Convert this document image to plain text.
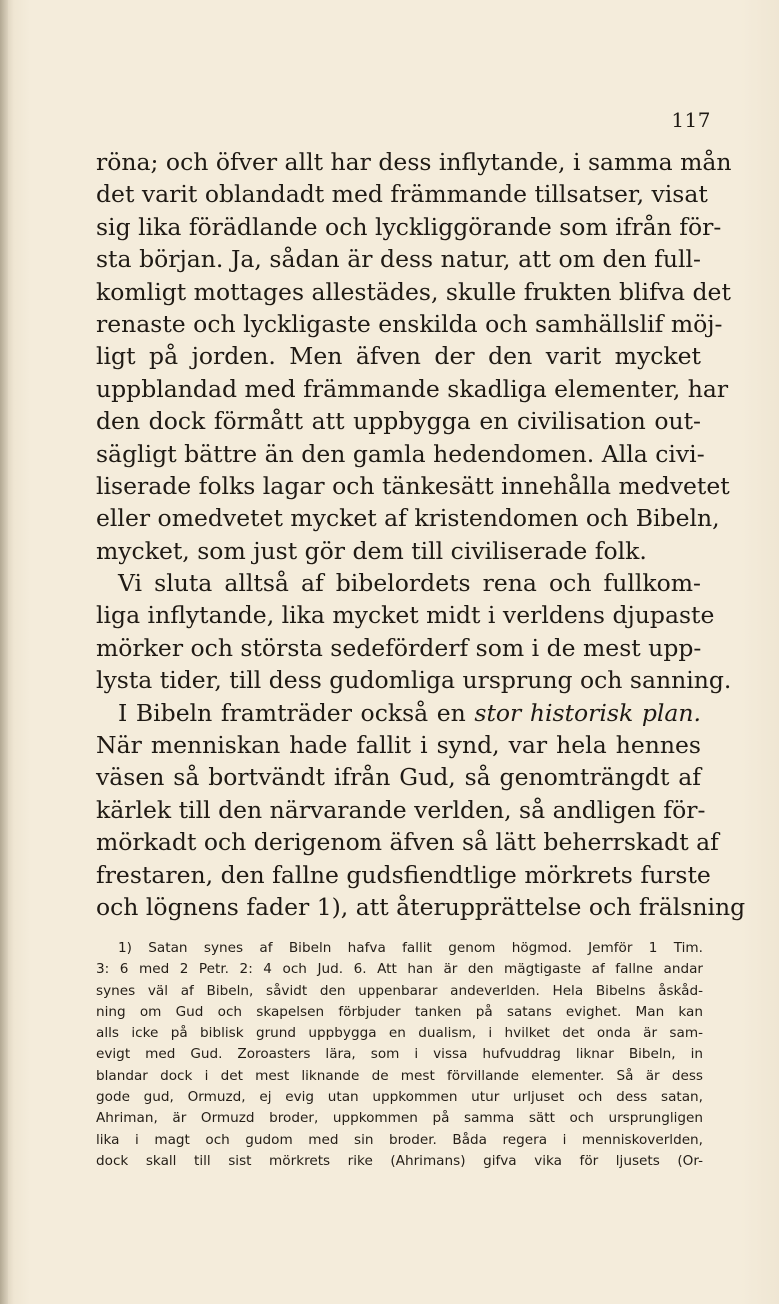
117
röna; och öfver allt har dess inflytande, i samma mån
det varit oblandadt med främmande tillsatser, visat
sig lika förädlande och lyckliggörande som ifrån för-
sta början. Ja, sådan är dess natur, att om den full-
komligt mottages allestädes, skulle frukten blifva det
renaste och lyckligaste enskilda och samhällslif möj-
ligt på jorden. Men äfven der den varit mycket
uppblandad med främmande skadliga elementer, har
den dock förmått att uppbygga en civilisation out-
sägligt bättre än den gamla hedendomen. Alla civi-
liserade folks lagar och tänkesätt innehålla medvetet
eller omedvetet mycket af kristendomen och Bibeln,
mycket, som just gör dem till civiliserade folk.
Vi sluta alltså af bibelordets rena och fullkom-
liga inflytande, lika mycket midt i verldens djupaste
mörker och största sedeförderf som i de mest upp-
lysta tider, till dess gudomliga ursprung och sanning.
I Bibeln framträder också en stor historisk plan.
När menniskan hade fallit i synd, var hela hennes
väsen så bortvändt ifrån Gud, så genomträngdt af
kärlek till den närvarande verlden, så andligen för-
mörkadt och derigenom äfven så lätt beherrskadt af
frestaren, den fallne gudsfiendtlige mörkrets furste
och lögnens fader 1), att återupprättelse och frälsning
1) Satan synes af Bibeln hafva fallit genom högmod. Jemför 1 Tim.
3: 6 med 2 Petr. 2: 4 och Jud. 6. Att han är den mägtigaste af fallne andar
synes väl af Bibeln, såvidt den uppenbarar andeverlden. Hela Bibelns åskåd-
ning om Gud och skapelsen förbjuder tanken på satans evighet. Man kan
alls icke på biblisk grund uppbygga en dualism, i hvilket det onda är sam-
evigt med Gud. Zoroasters lära, som i vissa hufvuddrag liknar Bibeln, in
blandar dock i det mest liknande de mest förvillande elementer. Så är dess
gode gud, Ormuzd, ej evig utan uppkommen utur urljuset och dess satan,
Ahriman, är Ormuzd broder, uppkommen på samma sätt och ursprungligen
lika i magt och gudom med sin broder. Båda regera i menniskoverlden,
dock skall till sist mörkrets rike (Ahrimans) gifva vika för ljusets (Or-
